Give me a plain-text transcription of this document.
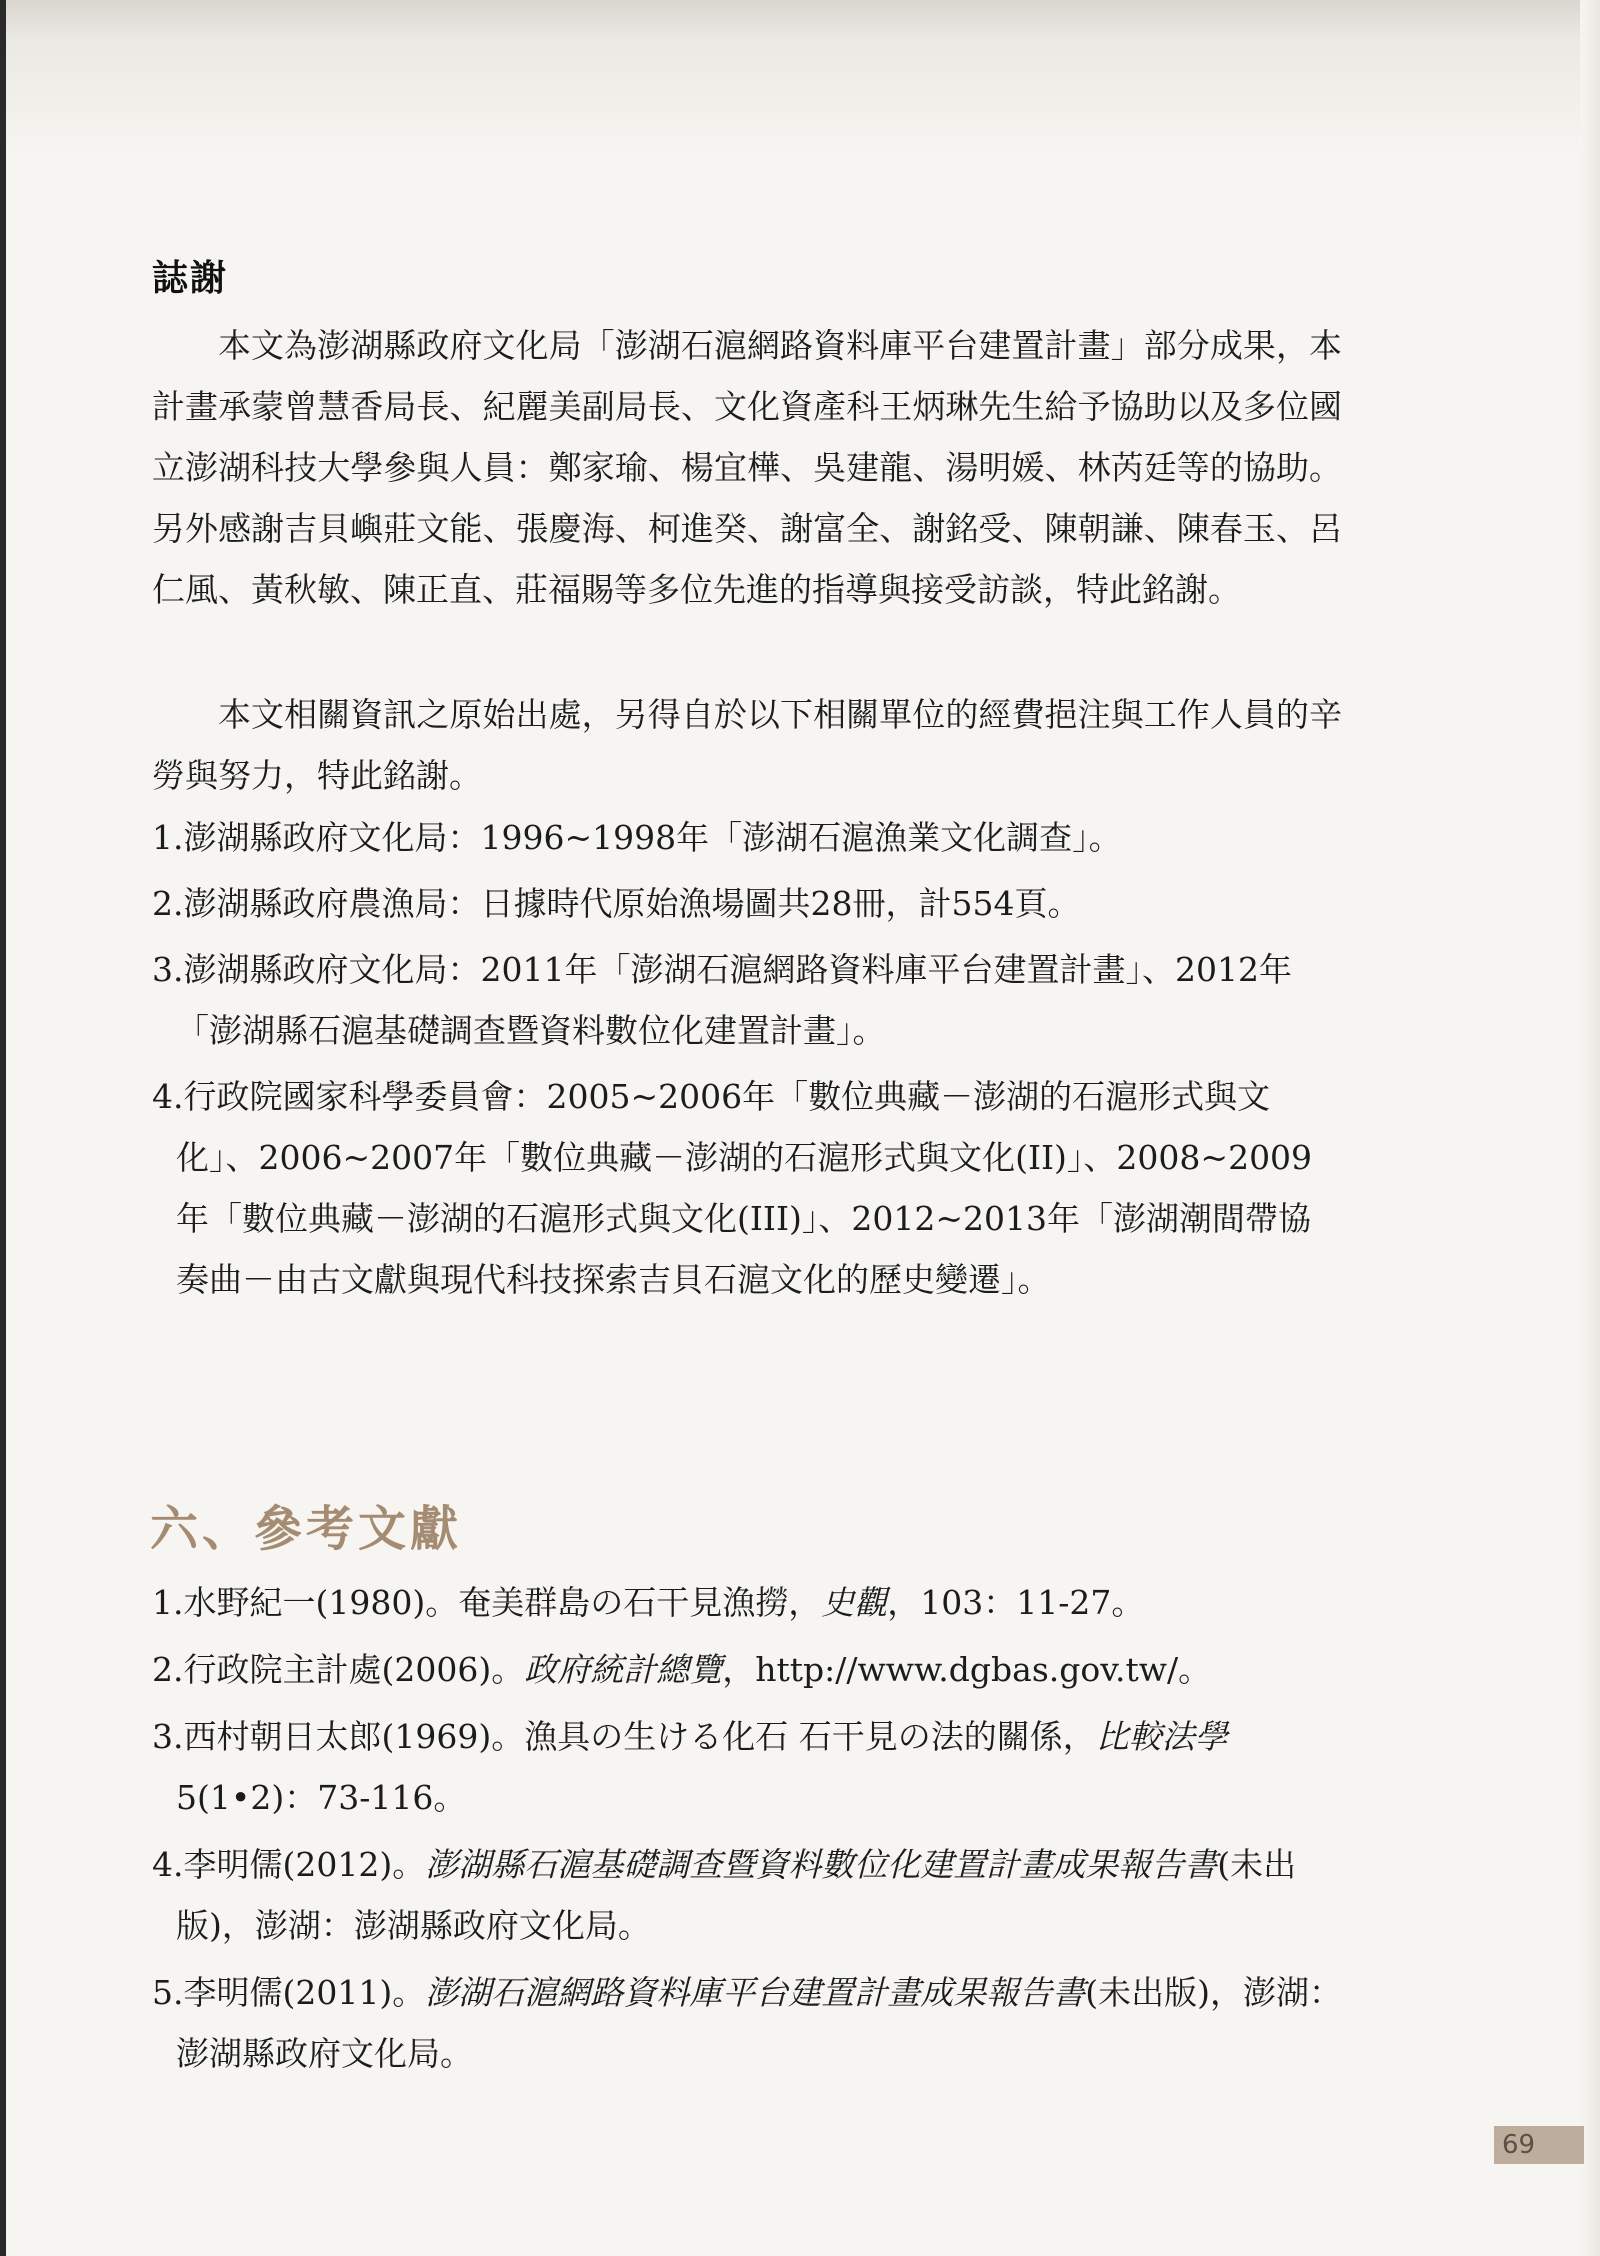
誌謝

本文為澎湖縣政府文化局「澎湖石滬網路資料庫平台建置計畫」部分成果，本計畫承蒙曾慧香局長、紀麗美副局長、文化資產科王炳琳先生給予協助以及多位國立澎湖科技大學參與人員：鄭家瑜、楊宜樺、吳建龍、湯明媛、林芮廷等的協助。另外感謝吉貝嶼莊文能、張慶海、柯進癸、謝富全、謝銘受、陳朝謙、陳春玉、呂仁風、黃秋敏、陳正直、莊福賜等多位先進的指導與接受訪談，特此銘謝。

本文相關資訊之原始出處，另得自於以下相關單位的經費挹注與工作人員的辛勞與努力，特此銘謝。

1.澎湖縣政府文化局：1996~1998年「澎湖石滬漁業文化調查」。
2.澎湖縣政府農漁局：日據時代原始漁場圖共28冊，計554頁。
3.澎湖縣政府文化局：2011年「澎湖石滬網路資料庫平台建置計畫」、2012年「澎湖縣石滬基礎調查暨資料數位化建置計畫」。
4.行政院國家科學委員會：2005~2006年「數位典藏－澎湖的石滬形式與文化」、2006~2007年「數位典藏－澎湖的石滬形式與文化(II)」、2008~2009年「數位典藏－澎湖的石滬形式與文化(III)」、2012~2013年「澎湖潮間帶協奏曲－由古文獻與現代科技探索吉貝石滬文化的歷史變遷」。
六、參考文獻
1.水野紀一(1980)。奄美群島の石干見漁撈，史觀，103：11-27。
2.行政院主計處(2006)。政府統計總覽，http://www.dgbas.gov.tw/。
3.西村朝日太郎(1969)。漁具の生ける化石 石干見の法的關係，比較法學5(1•2)：73-116。
4.李明儒(2012)。澎湖縣石滬基礎調查暨資料數位化建置計畫成果報告書(未出版)，澎湖：澎湖縣政府文化局。
5.李明儒(2011)。澎湖石滬網路資料庫平台建置計畫成果報告書(未出版)，澎湖：澎湖縣政府文化局。
69
